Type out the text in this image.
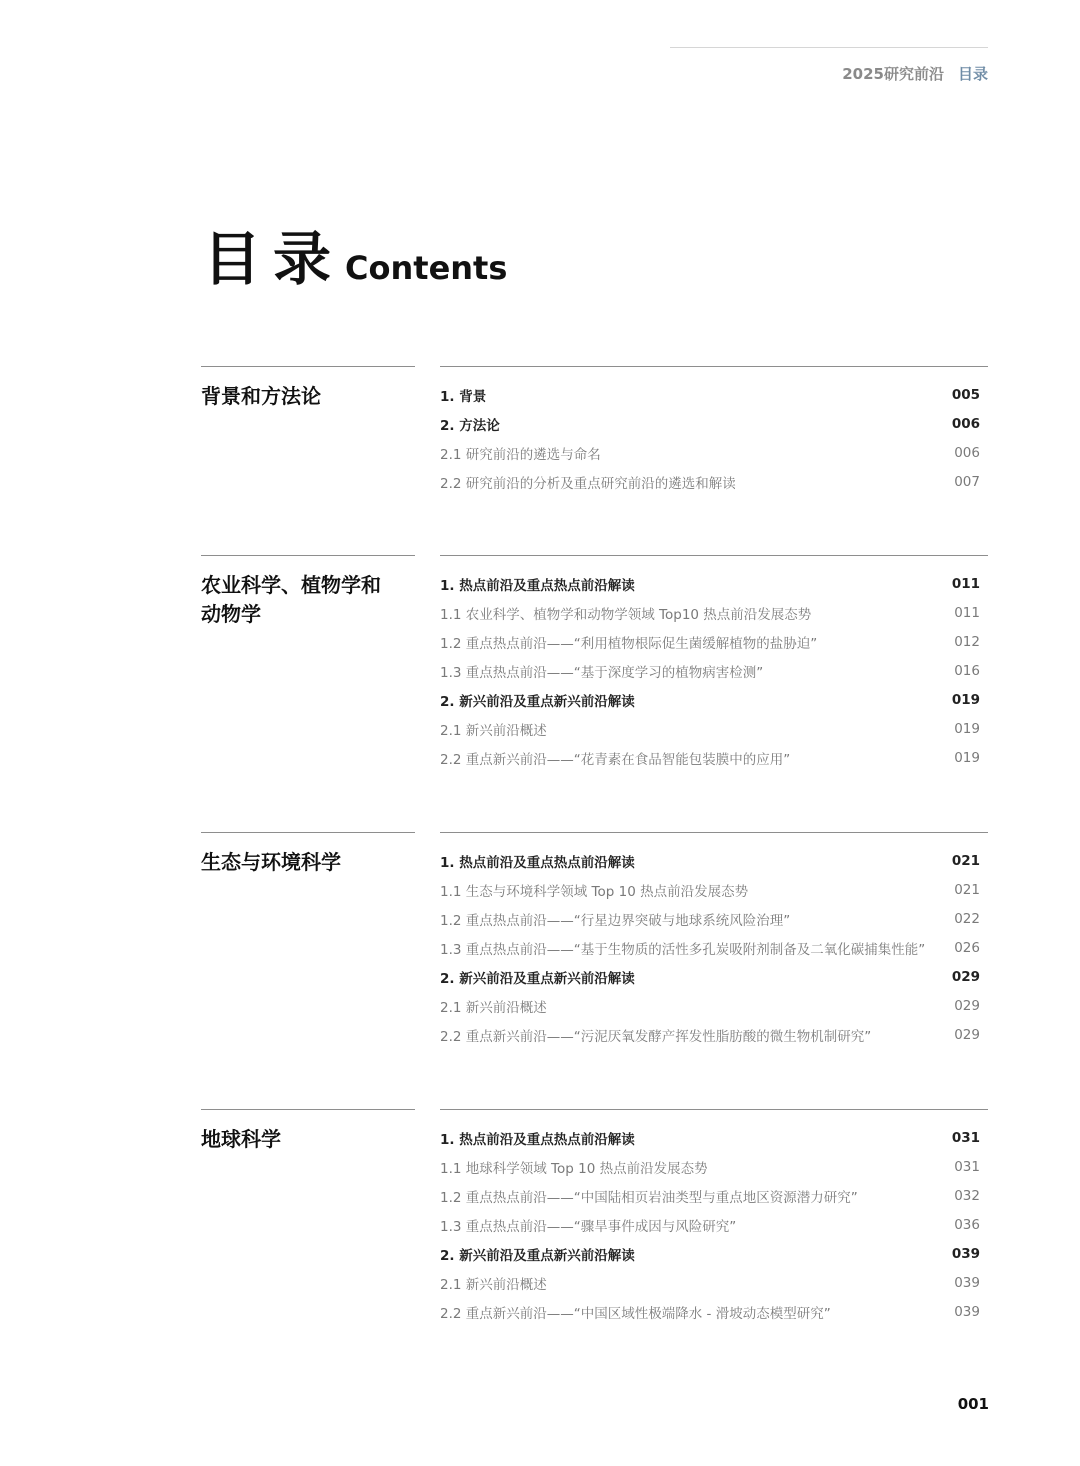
2025研究前沿 目录
目录Contents
背景和方法论	1. 背景	005
2. 方法论	006
2.1 研究前沿的遴选与命名	006
2.2 研究前沿的分析及重点研究前沿的遴选和解读	007
农业科学、植物学和动物学
1. 热点前沿及重点热点前沿解读	011
1.1 农业科学、植物学和动物学领域 Top10 热点前沿发展态势	011
1.2 重点热点前沿——“利用植物根际促生菌缓解植物的盐胁迫”	012
1.3 重点热点前沿——“基于深度学习的植物病害检测”	016
2. 新兴前沿及重点新兴前沿解读	019
2.1 新兴前沿概述	019
2.2 重点新兴前沿——“花青素在食品智能包装膜中的应用”	019
生态与环境科学	1. 热点前沿及重点热点前沿解读	021
1.1 生态与环境科学领域 Top 10 热点前沿发展态势	021
1.2 重点热点前沿——“行星边界突破与地球系统风险治理”	022
1.3 重点热点前沿——“基于生物质的活性多孔炭吸附剂制备及二氧化碳捕集性能” 026
2. 新兴前沿及重点新兴前沿解读	029
2.1 新兴前沿概述	029
2.2 重点新兴前沿——“污泥厌氧发酵产挥发性脂肪酸的微生物机制研究”	029
地球科学	1. 热点前沿及重点热点前沿解读	031
1.1 地球科学领域 Top 10 热点前沿发展态势	031
1.2 重点热点前沿——“中国陆相页岩油类型与重点地区资源潜力研究”	032
1.3 重点热点前沿——“骤旱事件成因与风险研究”	036
2. 新兴前沿及重点新兴前沿解读	039
2.1 新兴前沿概述	039
2.2 重点新兴前沿——“中国区域性极端降水 - 滑坡动态模型研究”	039
001
